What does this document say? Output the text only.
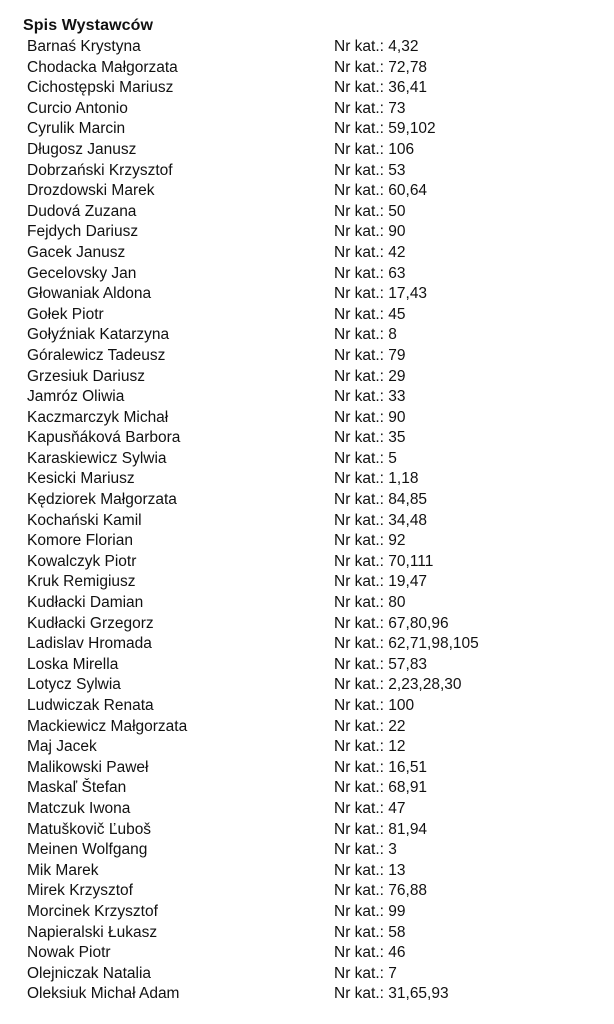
Spis Wystawców
Barnaś Krystyna	Nr kat.: 4,32
Chodacka Małgorzata	Nr kat.: 72,78
Cichostępski Mariusz	Nr kat.: 36,41
Curcio Antonio	Nr kat.: 73
Cyrulik Marcin	Nr kat.: 59,102
Długosz Janusz	Nr kat.: 106
Dobrzański Krzysztof	Nr kat.: 53
Drozdowski Marek	Nr kat.: 60,64
Dudová Zuzana	Nr kat.: 50
Fejdych Dariusz	Nr kat.: 90
Gacek Janusz	Nr kat.: 42
Gecelovsky Jan	Nr kat.: 63
Głowaniak Aldona	Nr kat.: 17,43
Gołek Piotr	Nr kat.: 45
Gołyźniak Katarzyna	Nr kat.: 8
Góralewicz Tadeusz	Nr kat.: 79
Grzesiuk Dariusz	Nr kat.: 29
Jamróz Oliwia	Nr kat.: 33
Kaczmarczyk Michał	Nr kat.: 90
Kapusňáková Barbora	Nr kat.: 35
Karaskiewicz Sylwia	Nr kat.: 5
Kesicki Mariusz	Nr kat.: 1,18
Kędziorek Małgorzata	Nr kat.: 84,85
Kochański Kamil	Nr kat.: 34,48
Komore Florian	Nr kat.: 92
Kowalczyk Piotr	Nr kat.: 70,111
Kruk Remigiusz	Nr kat.: 19,47
Kudłacki Damian	Nr kat.: 80
Kudłacki Grzegorz	Nr kat.: 67,80,96
Ladislav Hromada	Nr kat.: 62,71,98,105
Loska Mirella	Nr kat.: 57,83
Lotycz Sylwia	Nr kat.: 2,23,28,30
Ludwiczak Renata	Nr kat.: 100
Mackiewicz Małgorzata	Nr kat.: 22
Maj Jacek	Nr kat.: 12
Malikowski Paweł	Nr kat.: 16,51
Maskaľ Štefan	Nr kat.: 68,91
Matczuk Iwona	Nr kat.: 47
Matuškovič Ľuboš	Nr kat.: 81,94
Meinen Wolfgang	Nr kat.: 3
Mik Marek	Nr kat.: 13
Mirek Krzysztof	Nr kat.: 76,88
Morcinek Krzysztof	Nr kat.: 99
Napieralski Łukasz	Nr kat.: 58
Nowak Piotr	Nr kat.: 46
Olejniczak Natalia	Nr kat.: 7
Oleksiuk Michał Adam	Nr kat.: 31,65,93
